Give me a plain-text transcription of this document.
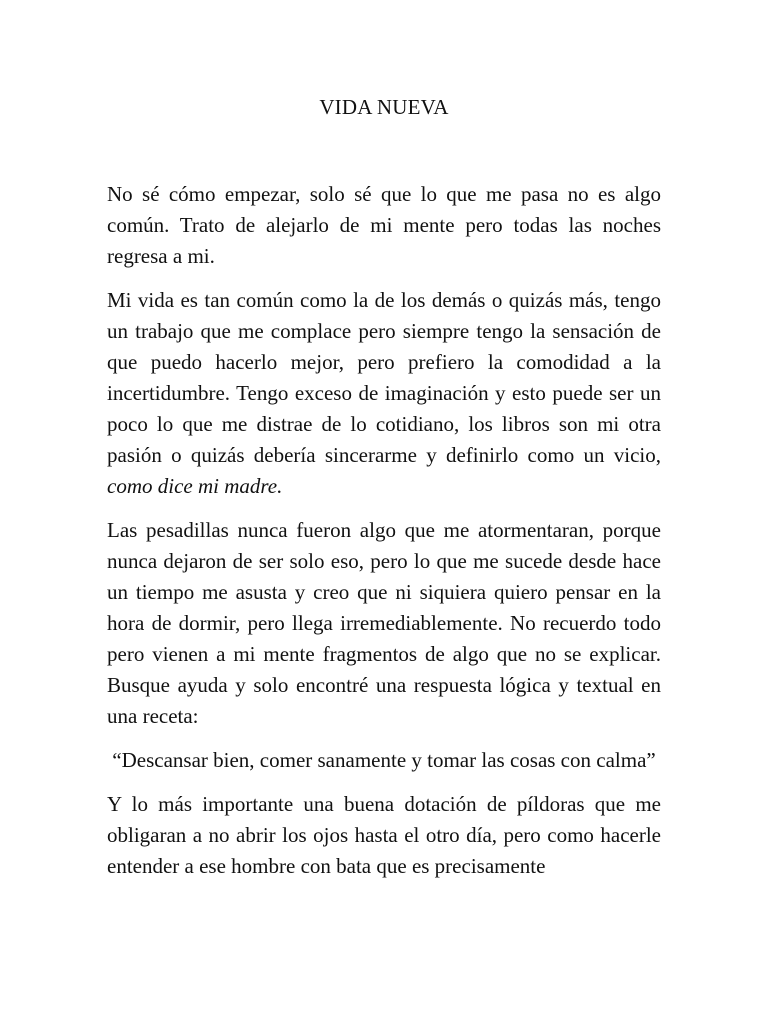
VIDA NUEVA

No sé cómo empezar, solo sé que lo que me pasa no es algo común. Trato de alejarlo de mi mente pero todas las noches regresa a mi.

Mi vida es tan común como la de los demás o quizás más, tengo un trabajo que me complace pero siempre tengo la sensación de que puedo hacerlo mejor, pero prefiero la comodidad a la incertidumbre. Tengo exceso de imaginación y esto puede ser un poco lo que me distrae de lo cotidiano, los libros son mi otra pasión o quizás debería sincerarme y definirlo como un vicio, como dice mi madre.

Las pesadillas nunca fueron algo que me atormentaran, porque nunca dejaron de ser solo eso, pero lo que me sucede desde hace un tiempo me asusta y creo que ni siquiera quiero pensar en la hora de dormir, pero llega irremediablemente. No recuerdo todo pero vienen a mi mente fragmentos de algo que no se explicar. Busque ayuda y solo encontré una respuesta lógica y textual en una receta:

“Descansar bien, comer sanamente y tomar las cosas con calma”

Y lo más importante una buena dotación de píldoras que me obligaran a no abrir los ojos hasta el otro día, pero como hacerle entender a ese hombre con bata que es precisamente
